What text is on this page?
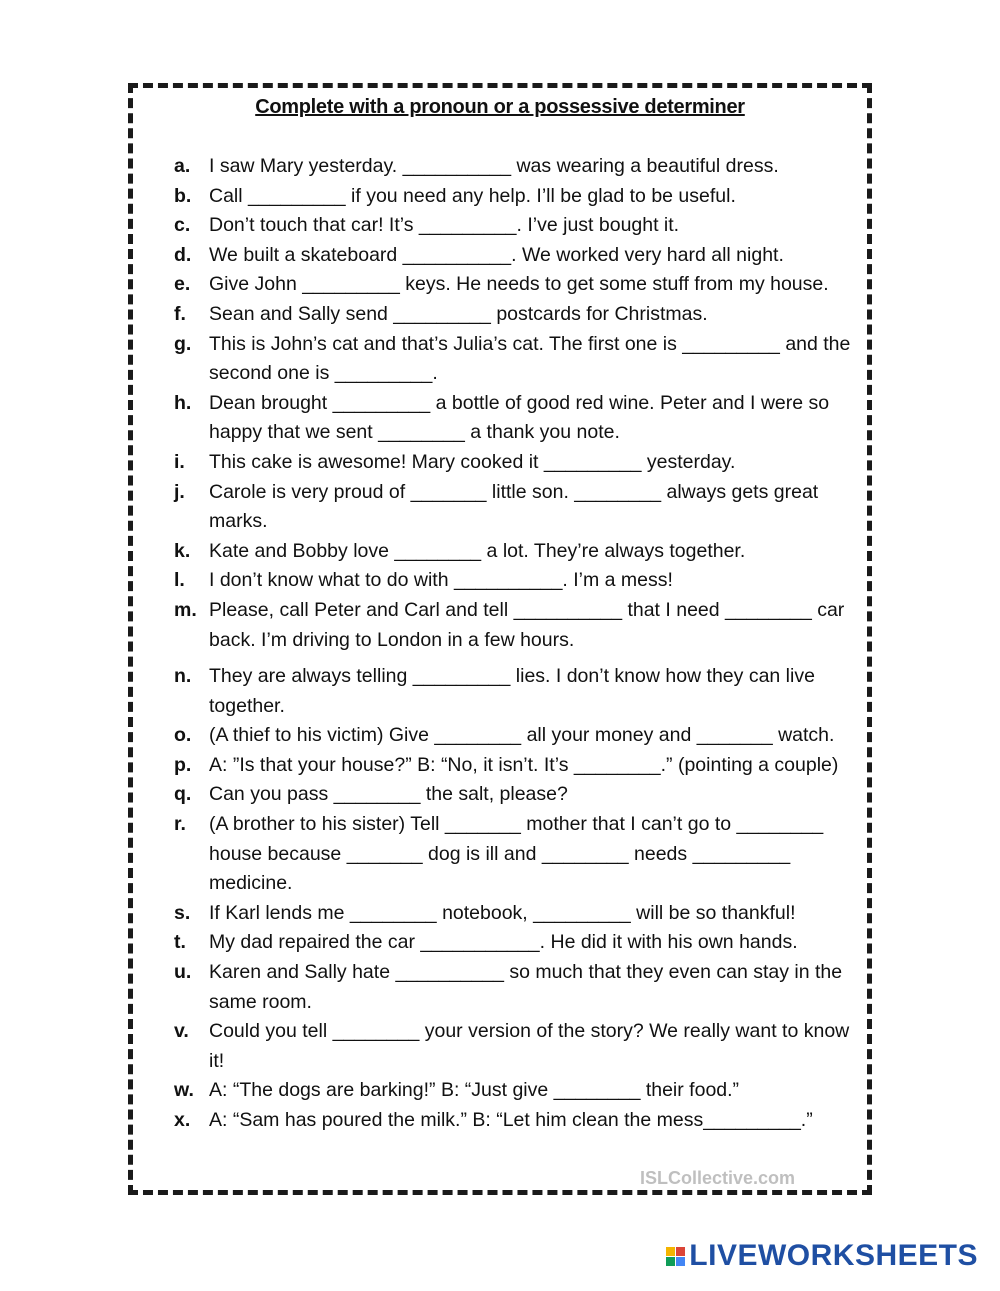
Complete with a pronoun or a possessive determiner
a. I saw Mary yesterday. __________ was wearing a beautiful dress.
b. Call _________ if you need any help. I’ll be glad to be useful.
c. Don’t touch that car! It’s _________. I’ve just bought it.
d. We built a skateboard __________. We worked very hard all night.
e. Give John _________ keys. He needs to get some stuff from my house.
f. Sean and Sally send _________ postcards for Christmas.
g. This is John’s cat and that’s Julia’s cat. The first one is _________ and the second one is _________.
h. Dean brought _________ a bottle of good red wine. Peter and I were so happy that we sent ________ a thank you note.
i. This cake is awesome! Mary cooked it _________ yesterday.
j. Carole is very proud of _______ little son. ________ always gets great marks.
k. Kate and Bobby love ________ a lot. They’re always together.
l. I don’t know what to do with __________. I’m a mess!
m. Please, call Peter and Carl and tell __________ that I need ________ car back. I’m driving to London in a few hours.
n. They are always telling _________ lies. I don’t know how they can live together.
o. (A thief to his victim) Give ________ all your money and _______ watch.
p. A: ”Is that your house?” B: “No, it isn’t. It’s ________.” (pointing a couple)
q. Can you pass ________ the salt, please?
r. (A brother to his sister) Tell _______ mother that I can’t go to ________ house because _______ dog is ill and ________ needs _________ medicine.
s. If Karl lends me ________ notebook, _________ will be so thankful!
t. My dad repaired the car ___________. He did it with his own hands.
u. Karen and Sally hate __________ so much that they even can stay in the same room.
v. Could you tell ________ your version of the story? We really want to know it!
w. A: “The dogs are barking!” B: “Just give ________ their food.”
x. A: “Sam has poured the milk.” B: “Let him clean the mess_________.”
ISLCollective.com
LIVEWORKSHEETS
